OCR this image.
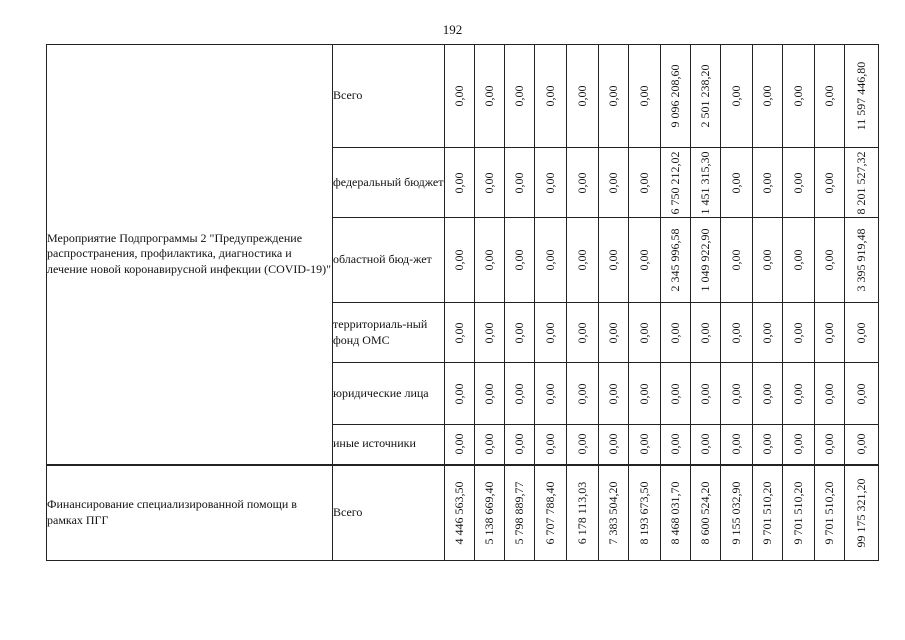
192
Мероприятие Подпрограммы 2 "Предупреждение распространения, профилактика, диагностика и лечение новой коронавирусной инфекции (COVID-19)"	Всего	0,00	0,00	0,00	0,00	0,00	0,00	0,00	9 096 208,60	2 501 238,20	0,00	0,00	0,00	0,00	11 597 446,80

	федеральный бюджет	0,00	0,00	0,00	0,00	0,00	0,00	0,00	6 750 212,02	1 451 315,30	0,00	0,00	0,00	0,00	8 201 527,32

	областной бюд-жет	0,00	0,00	0,00	0,00	0,00	0,00	0,00	2 345 996,58	1 049 922,90	0,00	0,00	0,00	0,00	3 395 919,48

	территориаль-ный фонд ОМС	0,00	0,00	0,00	0,00	0,00	0,00	0,00	0,00	0,00	0,00	0,00	0,00	0,00	0,00

	юридические лица	0,00	0,00	0,00	0,00	0,00	0,00	0,00	0,00	0,00	0,00	0,00	0,00	0,00	0,00

	иные источники	0,00	0,00	0,00	0,00	0,00	0,00	0,00	0,00	0,00	0,00	0,00	0,00	0,00	0,00

Финансирование специализированной помощи в рамках ПГГ	Всего	4 446 563,50	5 138 669,40	5 798 889,77	6 707 788,40	6 178 113,03	7 383 504,20	8 193 673,50	8 468 031,70	8 600 524,20	9 155 032,90	9 701 510,20	9 701 510,20	9 701 510,20	99 175 321,20
